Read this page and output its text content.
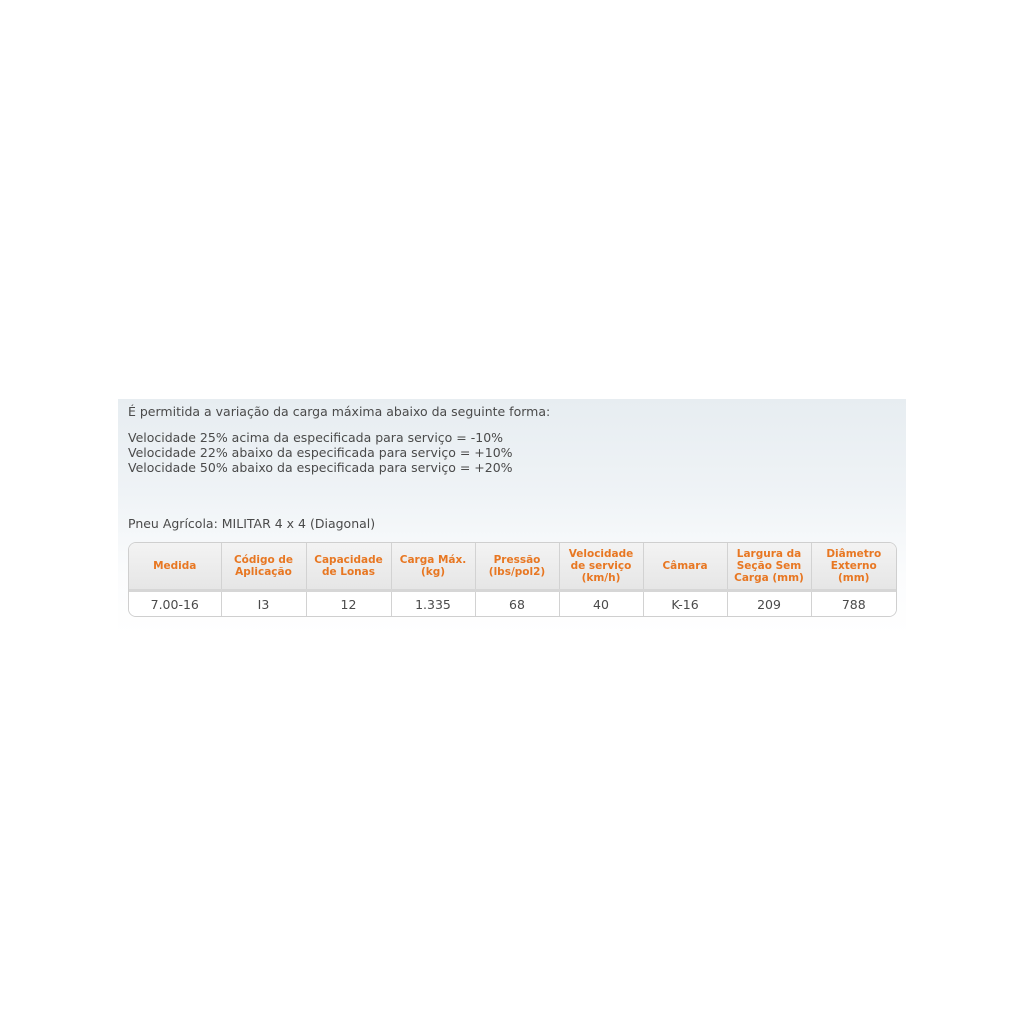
É permitida a variação da carga máxima abaixo da seguinte forma:
Velocidade 25% acima da especificada para serviço = -10%
Velocidade 22% abaixo da especificada para serviço = +10%
Velocidade 50% abaixo da especificada para serviço = +20%
Pneu Agrícola: MILITAR 4 x 4 (Diagonal)
Medida	Código de Aplicação	Capacidade de Lonas	Carga Máx. (kg)	Pressão (lbs/pol2)	Velocidade de serviço (km/h)	Câmara	Largura da Seção Sem Carga (mm)	Diâmetro Externo (mm)
7.00-16	I3	12	1.335	68	40	K-16	209	788
